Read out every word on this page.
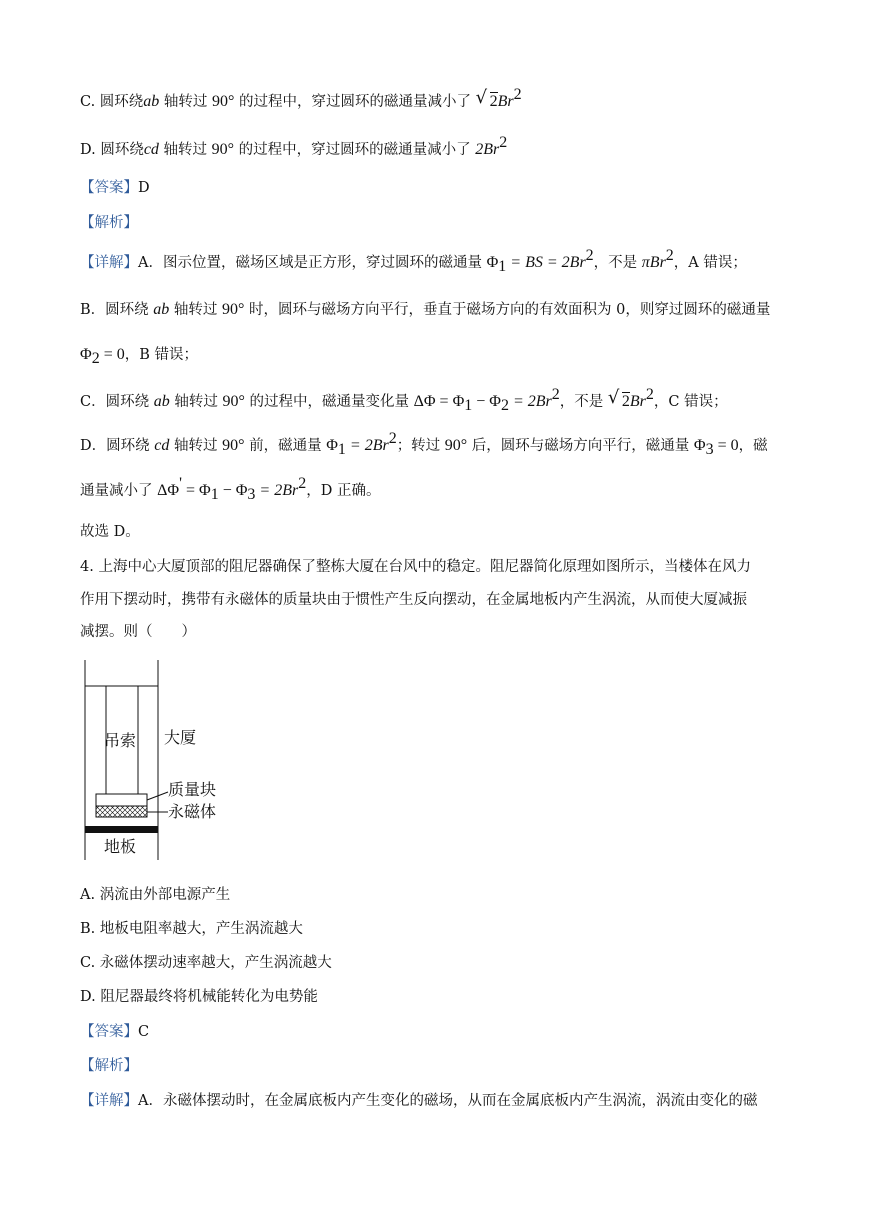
C. 圆环绕ab 轴转过 90° 的过程中，穿过圆环的磁通量减小了 √ 2Br$^2$
D. 圆环绕cd 轴转过 90° 的过程中，穿过圆环的磁通量减小了 2Br$^2$
【答案】D
【解析】
【详解】A．图示位置，磁场区域是正方形，穿过圆环的磁通量 $\Phi_1$ = BS = $2Br^2$，不是 πBr$^2$，A 错误；
B．圆环绕 ab 轴转过 90° 时，圆环与磁场方向平行，垂直于磁场方向的有效面积为 0，则穿过圆环的磁通量
$\Phi_2 = 0$，B 错误；
C．圆环绕 ab 轴转过 90° 的过程中，磁通量变化量 $\Delta\Phi = \Phi_1 - \Phi_2 = 2Br^2$，不是 √ 2Br$^2$，C 错误；
D．圆环绕 cd 轴转过 90° 前，磁通量 $\Phi_1 = 2Br^2$；转过 90° 后，圆环与磁场方向平行，磁通量 $\Phi_3 = 0$，磁
通量减小了 $\Delta\Phi' = \Phi_1 - \Phi_3 = 2Br^2$，D 正确。
故选 D。
4. 上海中心大厦顶部的阻尼器确保了整栋大厦在台风中的稳定。阻尼器简化原理如图所示，当楼体在风力
作用下摆动时，携带有永磁体的质量块由于惯性产生反向摆动，在金属地板内产生涡流，从而使大厦减振
减摆。则（　　）
吊索 大厦
质量块
永磁体
地板
A. 涡流由外部电源产生
B. 地板电阻率越大，产生涡流越大
C. 永磁体摆动速率越大，产生涡流越大
D. 阻尼器最终将机械能转化为电势能
【答案】C
【解析】
【详解】A．永磁体摆动时，在金属底板内产生变化的磁场，从而在金属底板内产生涡流，涡流由变化的磁
